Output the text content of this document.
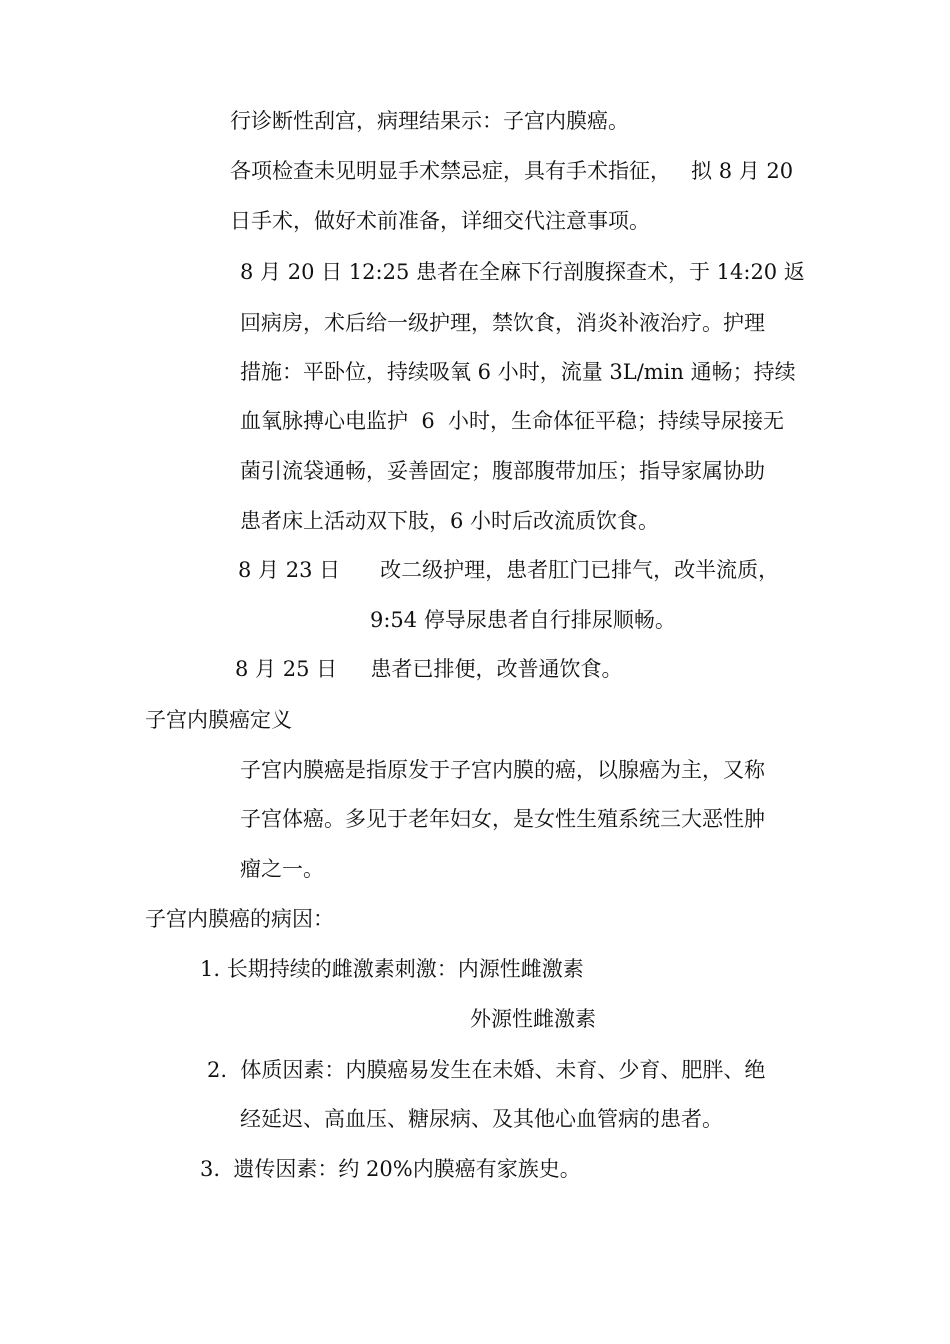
行诊断性刮宫，病理结果示：子宫内膜癌。

各项检查未见明显手术禁忌症，具有手术指征，   拟 8 月 20

日手术，做好术前准备，详细交代注意事项。

8 月 20 日 12:25 患者在全麻下行剖腹探查术，于 14:20 返

回病房，术后给一级护理，禁饮食，消炎补液治疗。护理

措施：平卧位，持续吸氧 6 小时，流量 3L/min 通畅；持续

血氧脉搏心电监护  6  小时，生命体征平稳；持续导尿接无

菌引流袋通畅，妥善固定；腹部腹带加压；指导家属协助

患者床上活动双下肢，6 小时后改流质饮食。

8 月 23 日      改二级护理，患者肛门已排气，改半流质，

9:54 停导尿患者自行排尿顺畅。

8 月 25 日     患者已排便，改普通饮食。

子宫内膜癌定义

子宫内膜癌是指原发于子宫内膜的癌，以腺癌为主，又称

子宫体癌。多见于老年妇女，是女性生殖系统三大恶性肿

瘤之一。

子宫内膜癌的病因：

1. 长期持续的雌激素刺激：内源性雌激素

外源性雌激素

2.  体质因素：内膜癌易发生在未婚、未育、少育、肥胖、绝

经延迟、高血压、糖尿病、及其他心血管病的患者。

3.  遗传因素：约 20%内膜癌有家族史。
